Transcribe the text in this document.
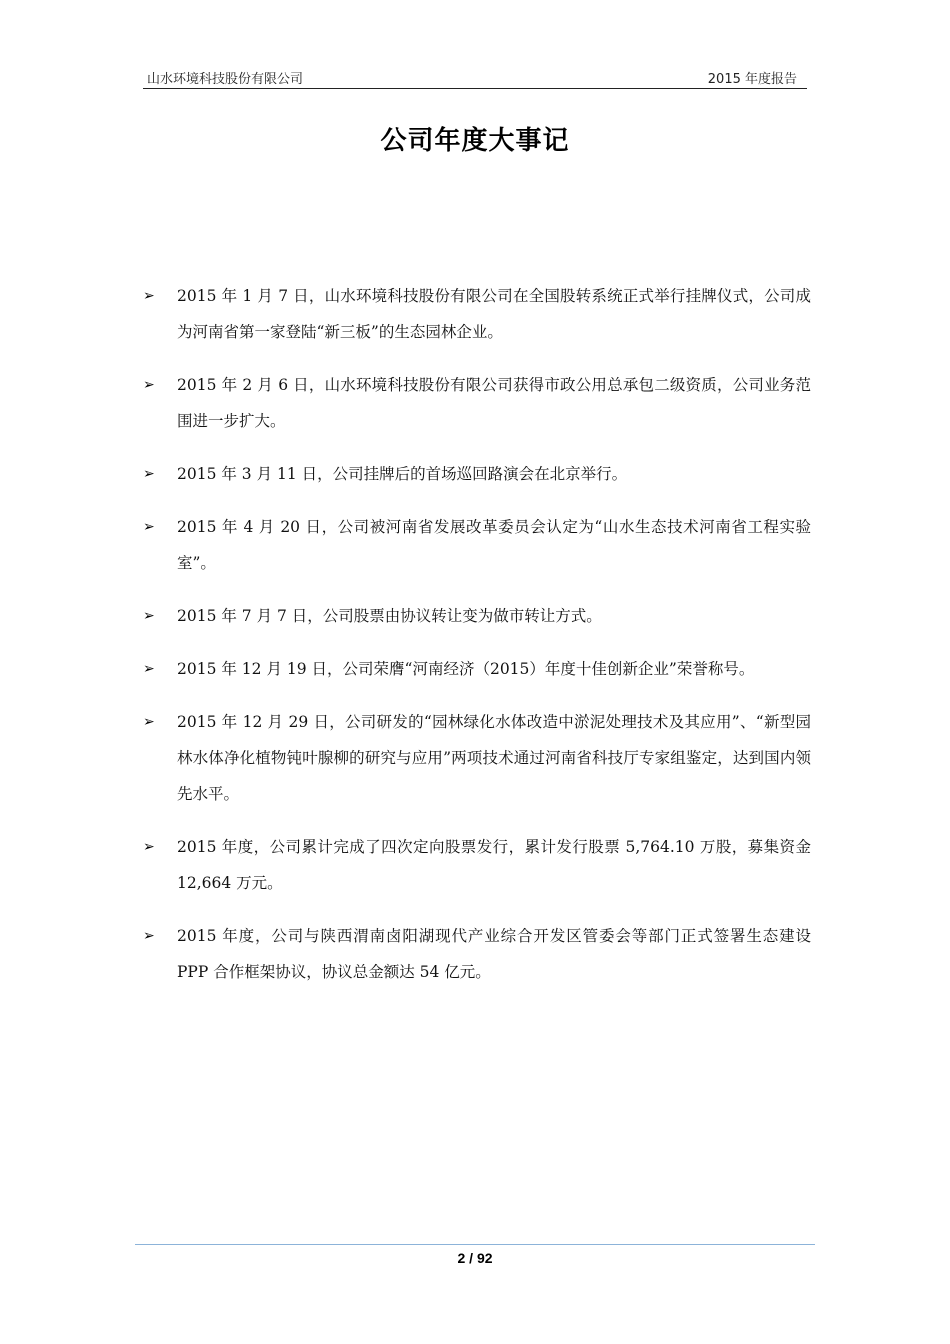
山水环境科技股份有限公司	2015 年度报告
公司年度大事记
➢ 2015 年 1 月 7 日，山水环境科技股份有限公司在全国股转系统正式举行挂牌仪式，公司成为河南省第一家登陆“新三板”的生态园林企业。
➢ 2015 年 2 月 6 日，山水环境科技股份有限公司获得市政公用总承包二级资质，公司业务范围进一步扩大。
➢ 2015 年 3 月 11 日，公司挂牌后的首场巡回路演会在北京举行。
➢ 2015 年 4 月 20 日，公司被河南省发展改革委员会认定为“山水生态技术河南省工程实验室”。
➢ 2015 年 7 月 7 日，公司股票由协议转让变为做市转让方式。
➢ 2015 年 12 月 19 日，公司荣膺“河南经济（2015）年度十佳创新企业”荣誉称号。
➢ 2015 年 12 月 29 日，公司研发的“园林绿化水体改造中淤泥处理技术及其应用”、“新型园林水体净化植物钝叶腺柳的研究与应用”两项技术通过河南省科技厅专家组鉴定，达到国内领先水平。
➢ 2015 年度，公司累计完成了四次定向股票发行，累计发行股票 5,764.10 万股，募集资金 12,664 万元。
➢ 2015 年度，公司与陕西渭南卤阳湖现代产业综合开发区管委会等部门正式签署生态建设 PPP 合作框架协议，协议总金额达 54 亿元。
2 / 92
